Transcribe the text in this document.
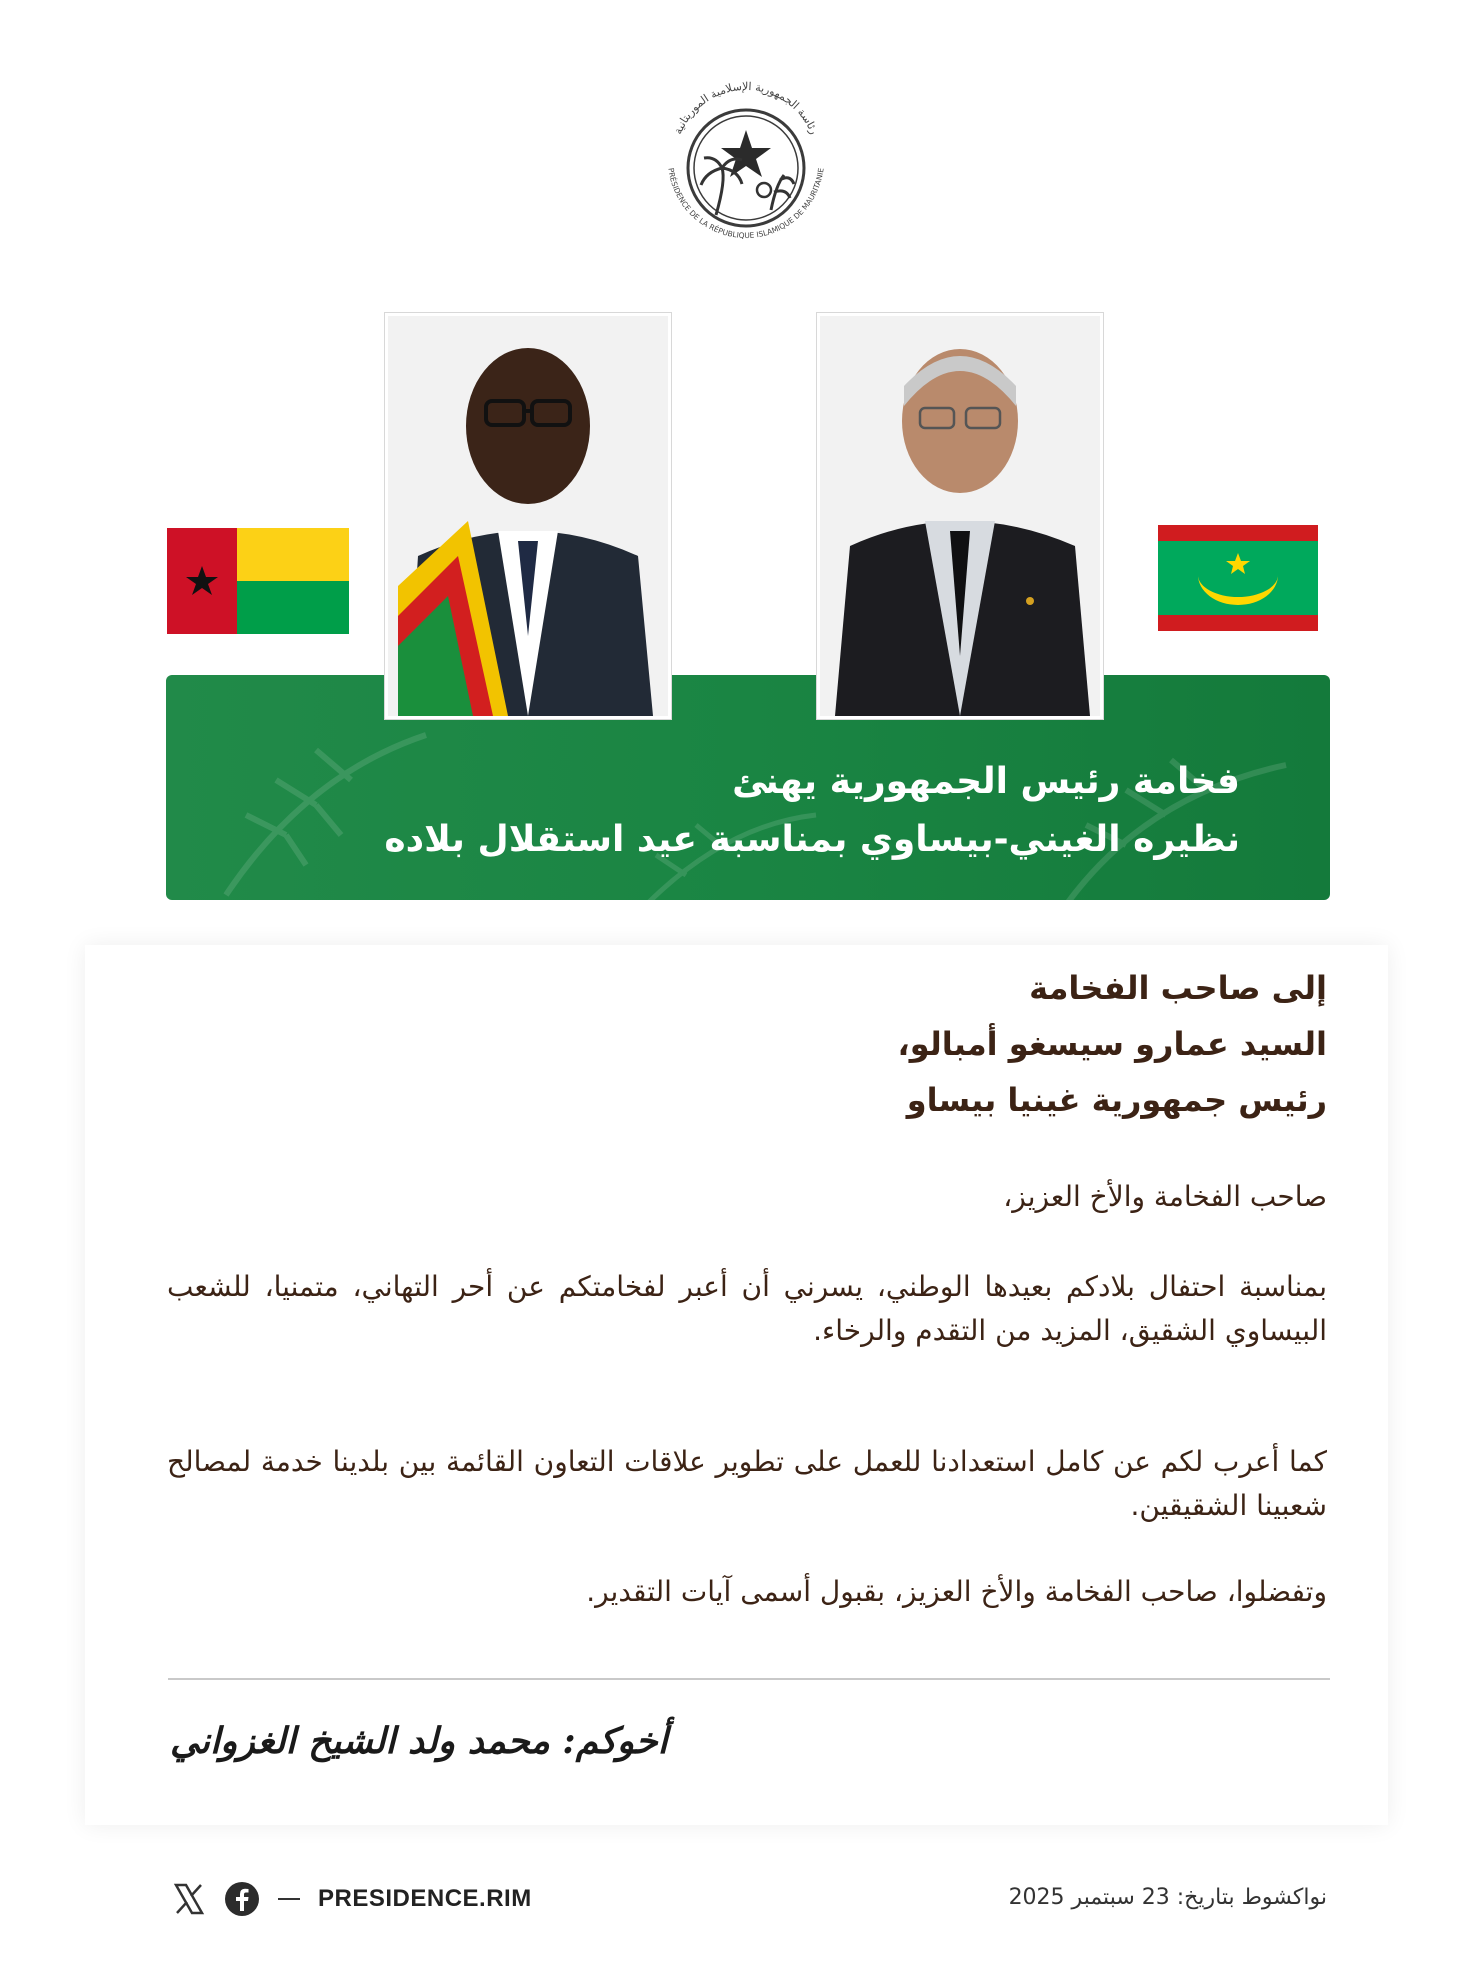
رئاسة الجمهورية الإسلامية الموريتانية
PRÉSIDENCE DE LA RÉPUBLIQUE ISLAMIQUE DE MAURITANIE
فخامة رئيس الجمهورية يهنئ
نظيره الغيني-بيساوي بمناسبة عيد استقلال بلاده
إلى صاحب الفخامة
السيد عمارو سيسغو أمبالو،
رئيس جمهورية غينيا بيساو
صاحب الفخامة والأخ العزيز،
بمناسبة احتفال بلادكم بعيدها الوطني، يسرني أن أعبر لفخامتكم عن أحر التهاني، متمنيا، للشعب البيساوي الشقيق، المزيد من التقدم والرخاء.
كما أعرب لكم عن كامل استعدادنا للعمل على تطوير علاقات التعاون القائمة بين بلدينا خدمة لمصالح شعبينا الشقيقين.
وتفضلوا، صاحب الفخامة والأخ العزيز، بقبول أسمى آيات التقدير.
أخوكم: محمد ولد الشيخ الغزواني
PRESIDENCE.RIM	نواكشوط بتاريخ: 23 سبتمبر 2025
